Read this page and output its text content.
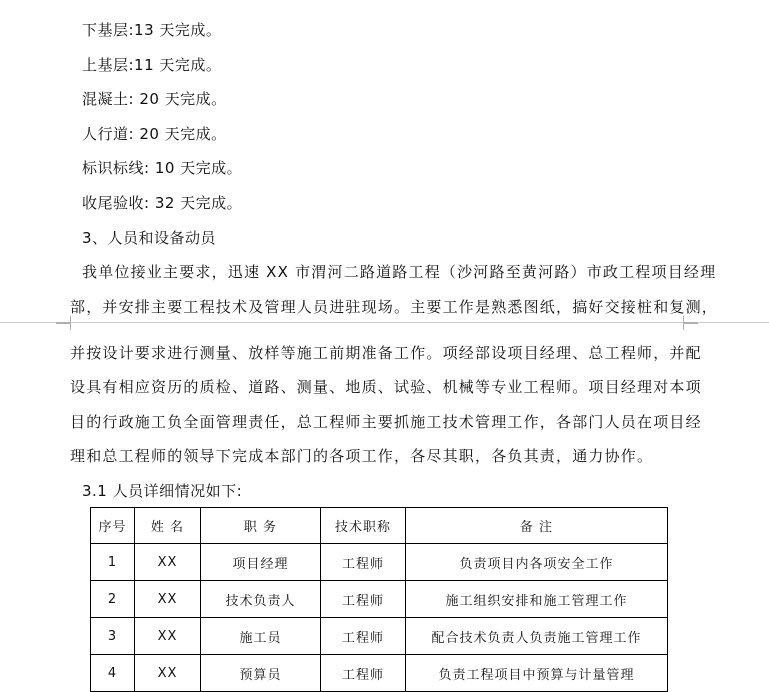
下基层:13 天完成。
上基层:11 天完成。
混凝土: 20 天完成。
人行道: 20 天完成。
标识标线: 10 天完成。
收尾验收: 32 天完成。
3、人员和设备动员
我单位接业主要求，迅速 XX 市渭河二路道路工程（沙河路至黄河路）市政工程项目经理
部，并安排主要工程技术及管理人员进驻现场。主要工作是熟悉图纸，搞好交接桩和复测，
并按设计要求进行测量、放样等施工前期准备工作。项经部设项目经理、总工程师，并配
设具有相应资历的质检、道路、测量、地质、试验、机械等专业工程师。项目经理对本项
目的行政施工负全面管理责任，总工程师主要抓施工技术管理工作，各部门人员在项目经
理和总工程师的领导下完成本部门的各项工作，各尽其职，各负其责，通力协作。
3.1 人员详细情况如下:
序号	姓 名	职 务	技术职称	备 注
1	XX	项目经理	工程师	负责项目内各项安全工作
2	XX	技术负责人	工程师	施工组织安排和施工管理工作
3	XX	施工员	工程师	配合技术负责人负责施工管理工作
4	XX	预算员	工程师	负责工程项目中预算与计量管理
